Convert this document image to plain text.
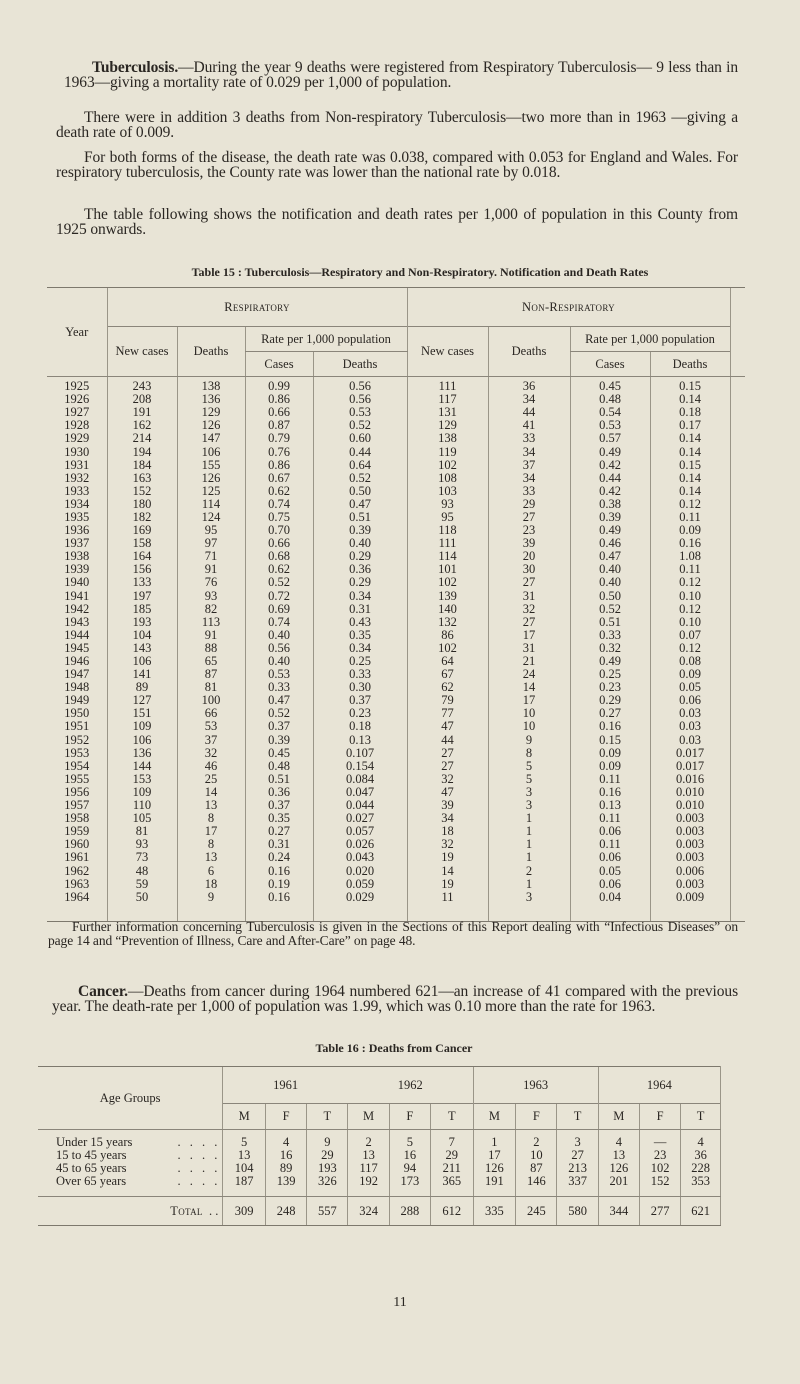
Tuberculosis.—During the year 9 deaths were registered from Respiratory Tuberculosis— 9 less than in 1963—giving a mortality rate of 0.029 per 1,000 of population.

There were in addition 3 deaths from Non-respiratory Tuberculosis—two more than in 1963 —giving a death rate of 0.009.

For both forms of the disease, the death rate was 0.038, compared with 0.053 for England and Wales. For respiratory tuberculosis, the County rate was lower than the national rate by 0.018.

The table following shows the notification and death rates per 1,000 of population in this County from 1925 onwards.

Table 15 : Tuberculosis—Respiratory and Non-Respiratory. Notification and Death Rates
Year	Respiratory				Non-Respiratory				
	New cases	Deaths	Rate per 1,000 population		New cases	Deaths	Rate per 1,000 population		
			Cases	Deaths			Cases	Deaths	
1925	243	138	0.99	0.56	111	36	0.45	0.15	
1926	208	136	0.86	0.56	117	34	0.48	0.14	
1927	191	129	0.66	0.53	131	44	0.54	0.18	
1928	162	126	0.87	0.52	129	41	0.53	0.17	
1929	214	147	0.79	0.60	138	33	0.57	0.14	
1930	194	106	0.76	0.44	119	34	0.49	0.14	
1931	184	155	0.86	0.64	102	37	0.42	0.15	
1932	163	126	0.67	0.52	108	34	0.44	0.14	
1933	152	125	0.62	0.50	103	33	0.42	0.14	
1934	180	114	0.74	0.47	93	29	0.38	0.12	
1935	182	124	0.75	0.51	95	27	0.39	0.11	
1936	169	95	0.70	0.39	118	23	0.49	0.09	
1937	158	97	0.66	0.40	111	39	0.46	0.16	
1938	164	71	0.68	0.29	114	20	0.47	1.08	
1939	156	91	0.62	0.36	101	30	0.40	0.11	
1940	133	76	0.52	0.29	102	27	0.40	0.12	
1941	197	93	0.72	0.34	139	31	0.50	0.10	
1942	185	82	0.69	0.31	140	32	0.52	0.12	
1943	193	113	0.74	0.43	132	27	0.51	0.10	
1944	104	91	0.40	0.35	86	17	0.33	0.07	
1945	143	88	0.56	0.34	102	31	0.32	0.12	
1946	106	65	0.40	0.25	64	21	0.49	0.08	
1947	141	87	0.53	0.33	67	24	0.25	0.09	
1948	89	81	0.33	0.30	62	14	0.23	0.05	
1949	127	100	0.47	0.37	79	17	0.29	0.06	
1950	151	66	0.52	0.23	77	10	0.27	0.03	
1951	109	53	0.37	0.18	47	10	0.16	0.03	
1952	106	37	0.39	0.13	44	9	0.15	0.03	
1953	136	32	0.45	0.107	27	8	0.09	0.017	
1954	144	46	0.48	0.154	27	5	0.09	0.017	
1955	153	25	0.51	0.084	32	5	0.11	0.016	
1956	109	14	0.36	0.047	47	3	0.16	0.010	
1957	110	13	0.37	0.044	39	3	0.13	0.010	
1958	105	8	0.35	0.027	34	1	0.11	0.003	
1959	81	17	0.27	0.057	18	1	0.06	0.003	
1960	93	8	0.31	0.026	32	1	0.11	0.003	
1961	73	13	0.24	0.043	19	1	0.06	0.003	
1962	48	6	0.16	0.020	14	2	0.05	0.006	
1963	59	18	0.19	0.059	19	1	0.06	0.003	
1964	50	9	0.16	0.029	11	3	0.04	0.009	

Further information concerning Tuberculosis is given in the Sections of this Report dealing with “Infectious Diseases” on page 14 and “Prevention of Illness, Care and After-Care” on page 48.

Cancer.—Deaths from cancer during 1964 numbered 621—an increase of 41 compared with the previous year. The death-rate per 1,000 of population was 1.99, which was 0.10 more than the rate for 1963.

Table 16 : Deaths from Cancer
Age Groups	1961			1962			1963			1964		
	M	F	T	M	F	T	M	F	T	M	F	T

. . . .
Under 15 years	5	4	9	2	5	7	1	2	3	4	—	4

. . . .
15 to 45 years	13	16	29	13	16	29	17	10	27	13	23	36

. . . .
45 to 65 years	104	89	193	117	94	211	126	87	213	126	102	228

. . . .
Over 65 years	187	139	326	192	173	365	191	146	337	201	152	353
Total  . .	309	248	557	324	288	612	335	245	580	344	277	621
11
